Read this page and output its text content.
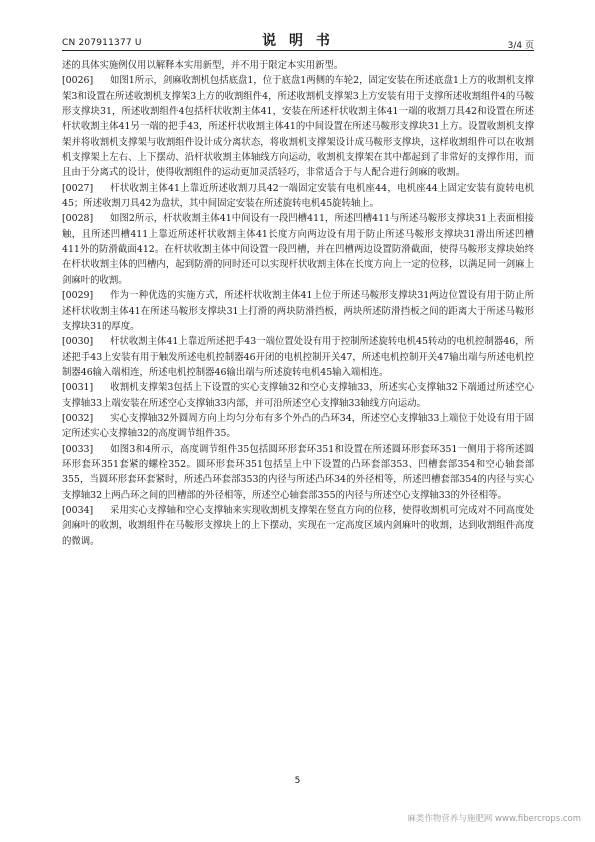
CN 207911377 U	说 明 书	3/4 页

述的具体实施例仅用以解释本实用新型，并不用于限定本实用新型。

[0026] 如图1所示，剑麻收割机包括底盘1，位于底盘1两侧的车轮2，固定安装在所述底盘1上方的收割机支撑架3和设置在所述收割机支撑架3上方的收割组件4，所述收割机支撑架3上方安装有用于支撑所述收割组件4的马鞍形支撑块31，所述收割组件4包括杆状收割主体41，安装在所述杆状收割主体41一端的收割刀具42和设置在所述杆状收割主体41另一端的把手43，所述杆状收割主体41的中间设置在所述马鞍形支撑块31上方。设置收割机支撑架并将收割机支撑架与收割组件设计成分离状态，将收割机支撑架设计成马鞍形支撑块，这样收割组件可以在收割机支撑架上左右、上下摆动、沿杆状收割主体轴线方向运动，收割机支撑架在其中都起到了非常好的支撑作用，而且由于分离式的设计，使得收割组件的运动更加灵活轻巧，非常适合于与人配合进行剑麻的收割。

[0027] 杆状收割主体41上靠近所述收割刀具42一端固定安装有电机座44，电机座44上固定安装有旋转电机45；所述收割刀具42为盘状，其中间固定安装在所述旋转电机45旋转轴上。

[0028] 如图2所示，杆状收割主体41中间设有一段凹槽411，所述凹槽411与所述马鞍形支撑块31上表面相接触，且所述凹槽411上靠近所述杆状收割主体41长度方向两边设有用于防止所述马鞍形支撑块31滑出所述凹槽411外的防滑截面412。在杆状收割主体中间设置一段凹槽，并在凹槽两边设置防滑截面，使得马鞍形支撑块始终在杆状收割主体的凹槽内，起到防滑的同时还可以实现杆状收割主体在长度方向上一定的位移，以满足同一剑麻上剑麻叶的收割。

[0029] 作为一种优选的实施方式，所述杆状收割主体41上位于所述马鞍形支撑块31两边位置设有用于防止所述杆状收割主体41在所述马鞍形支撑块31上打滑的两块防滑挡板，两块所述防滑挡板之间的距离大于所述马鞍形支撑块31的厚度。

[0030] 杆状收割主体41上靠近所述把手43一端位置处设有用于控制所述旋转电机45转动的电机控制器46，所述把手43上安装有用于触发所述电机控制器46开闭的电机控制开关47，所述电机控制开关47输出端与所述电机控制器46输入端相连，所述电机控制器46输出端与所述旋转电机45输入端相连。

[0031] 收割机支撑架3包括上下设置的实心支撑轴32和空心支撑轴33，所述实心支撑轴32下端通过所述空心支撑轴33上端安装在所述空心支撑轴33内部，并可沿所述空心支撑轴33轴线方向运动。

[0032] 实心支撑轴32外圆周方向上均匀分布有多个外凸的凸环34，所述空心支撑轴33上端位于处设有用于固定所述实心支撑轴32的高度调节组件35。

[0033] 如图3和4所示，高度调节组件35包括圆环形套环351和设置在所述圆环形套环351一侧用于将所述圆环形套环351套紧的螺栓352。圆环形套环351包括呈上中下设置的凸环套部353、凹槽套部354和空心轴套部355，当圆环形套环套紧时，所述凸环套部353的内径与所述凸环34的外径相等，所述凹槽套部354的内径与实心支撑轴32上两凸环之间的凹槽部的外径相等，所述空心轴套部355的内径与所述空心支撑轴33的外径相等。

[0034] 采用实心支撑轴和空心支撑轴来实现收割机支撑架在竖直方向的位移，使得收割机可完成对不同高度处剑麻叶的收割，收割组件在马鞍形支撑块上的上下摆动，实现在一定高度区域内剑麻叶的收割，达到收割组件高度的微调。

5
麻类作物营养与施肥网 www.fibercrops.com
